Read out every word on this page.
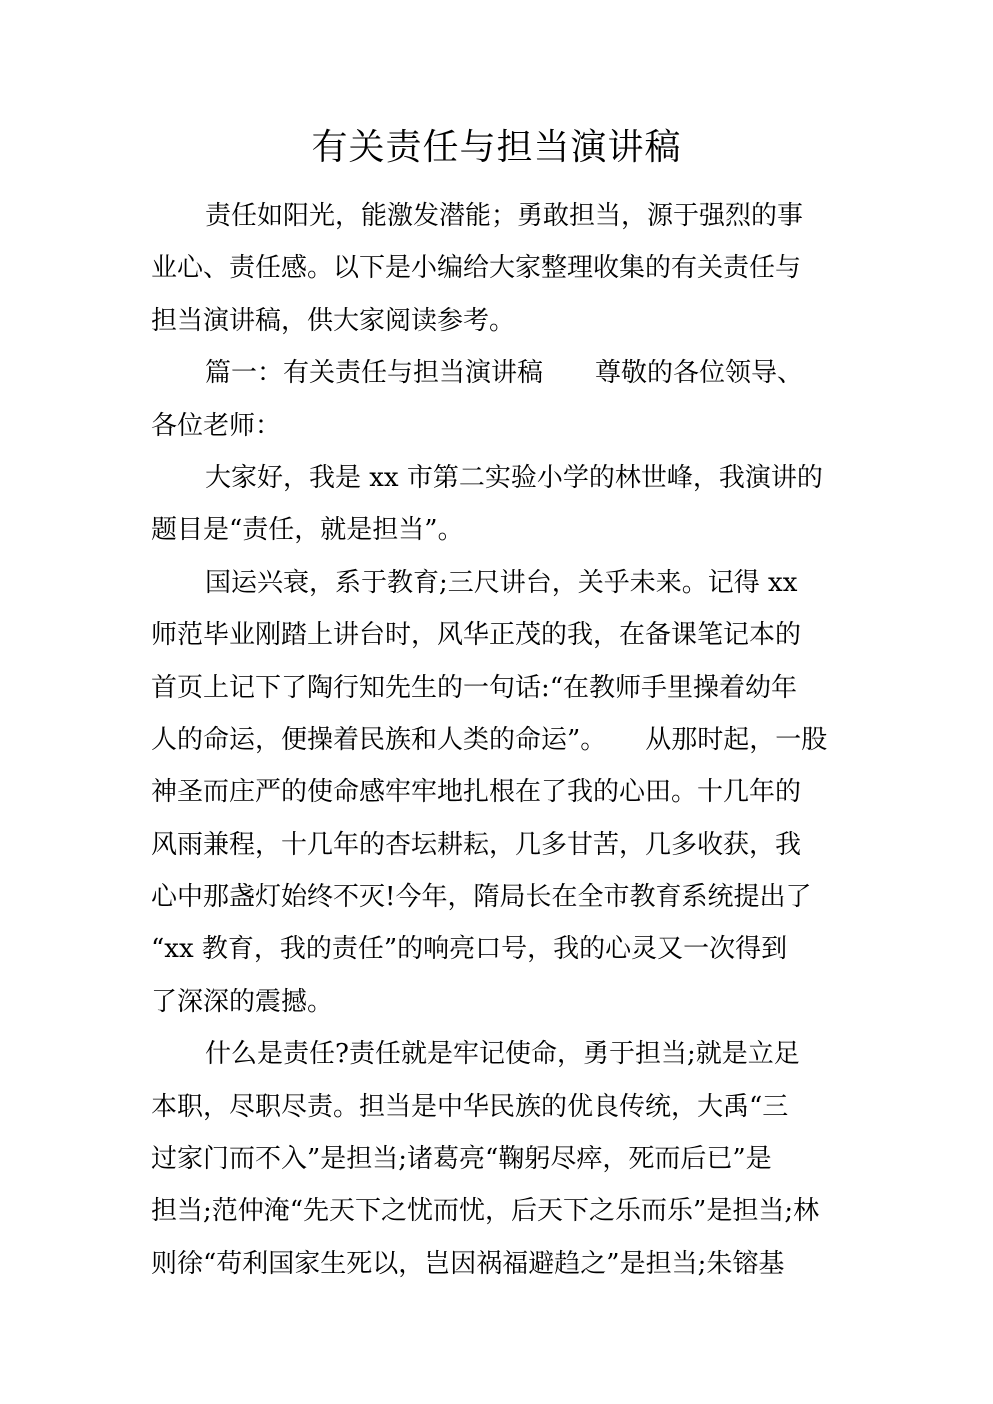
有关责任与担当演讲稿
责任如阳光，能激发潜能；勇敢担当，源于强烈的事
业心、责任感。以下是小编给大家整理收集的有关责任与
担当演讲稿，供大家阅读参考。
篇一：有关责任与担当演讲稿　　尊敬的各位领导、
各位老师：
大家好，我是 xx 市第二实验小学的林世峰，我演讲的
题目是“责任，就是担当”。
国运兴衰，系于教育;三尺讲台，关乎未来。记得 xx
师范毕业刚踏上讲台时，风华正茂的我，在备课笔记本的
首页上记下了陶行知先生的一句话:“在教师手里操着幼年
人的命运，便操着民族和人类的命运”。　　从那时起，一股
神圣而庄严的使命感牢牢地扎根在了我的心田。十几年的
风雨兼程，十几年的杏坛耕耘，几多甘苦，几多收获，我
心中那盏灯始终不灭!今年，隋局长在全市教育系统提出了
“xx 教育，我的责任”的响亮口号，我的心灵又一次得到
了深深的震撼。
什么是责任?责任就是牢记使命，勇于担当;就是立足
本职，尽职尽责。担当是中华民族的优良传统，大禹“三
过家门而不入”是担当;诸葛亮“鞠躬尽瘁，死而后已”是
担当;范仲淹“先天下之忧而忧，后天下之乐而乐”是担当;林
则徐“苟利国家生死以，岂因祸福避趋之”是担当;朱镕基
